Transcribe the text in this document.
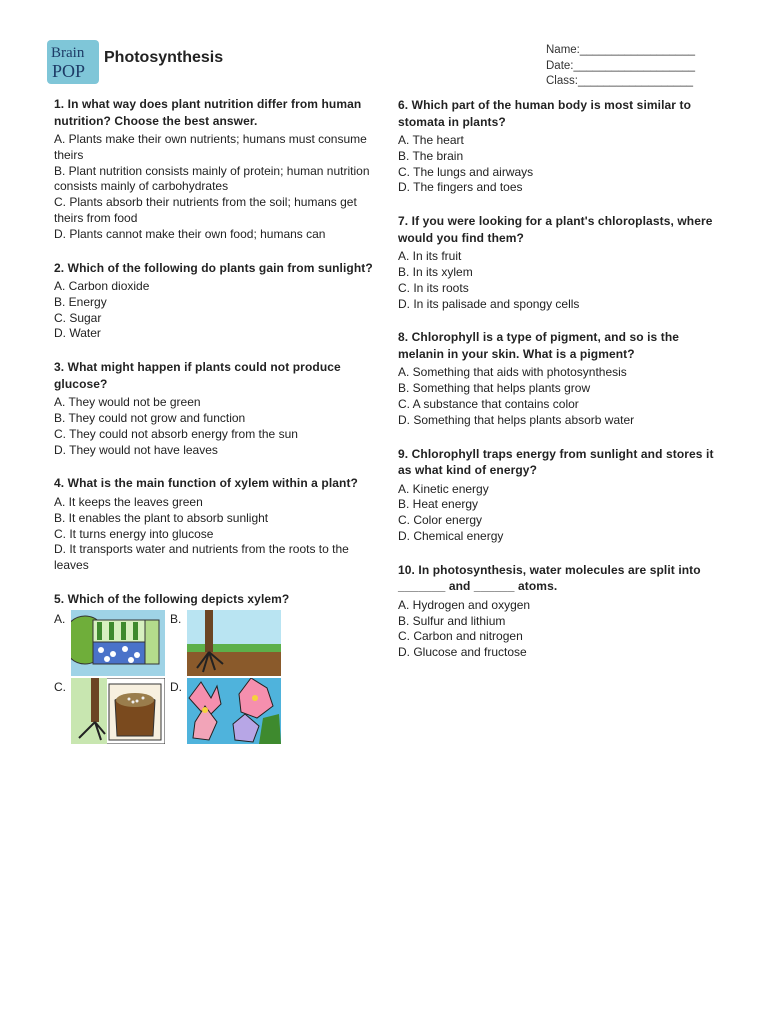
Brain
POP
Photosynthesis	Name:__________________
Date:___________________
Class:__________________
1. In what way does plant nutrition differ from human nutrition? Choose the best answer.
A. Plants make their own nutrients; humans must consume theirs
B. Plant nutrition consists mainly of protein; human nutrition consists mainly of carbohydrates
C. Plants absorb their nutrients from the soil; humans get theirs from food
D. Plants cannot make their own food; humans can
2. Which of the following do plants gain from sunlight?
A. Carbon dioxide
B. Energy
C. Sugar
D. Water
3. What might happen if plants could not produce glucose?
A. They would not be green
B. They could not grow and function
C. They could not absorb energy from the sun
D. They would not have leaves
4. What is the main function of xylem within a plant?
A. It keeps the leaves green
B. It enables the plant to absorb sunlight
C. It turns energy into glucose
D. It transports water and nutrients from the roots to the leaves
5. Which of the following depicts xylem?
A.	B.
C.	D.
6. Which part of the human body is most similar to stomata in plants?
A. The heart
B. The brain
C. The lungs and airways
D. The fingers and toes
7. If you were looking for a plant's chloroplasts, where would you find them?
A. In its fruit
B. In its xylem
C. In its roots
D. In its palisade and spongy cells
8. Chlorophyll is a type of pigment, and so is the melanin in your skin. What is a pigment?
A. Something that aids with photosynthesis
B. Something that helps plants grow
C. A substance that contains color
D. Something that helps plants absorb water
9. Chlorophyll traps energy from sunlight and stores it as what kind of energy?
A. Kinetic energy
B. Heat energy
C. Color energy
D. Chemical energy
10. In photosynthesis, water molecules are split into _______ and ______ atoms.
A. Hydrogen and oxygen
B. Sulfur and lithium
C. Carbon and nitrogen
D. Glucose and fructose
